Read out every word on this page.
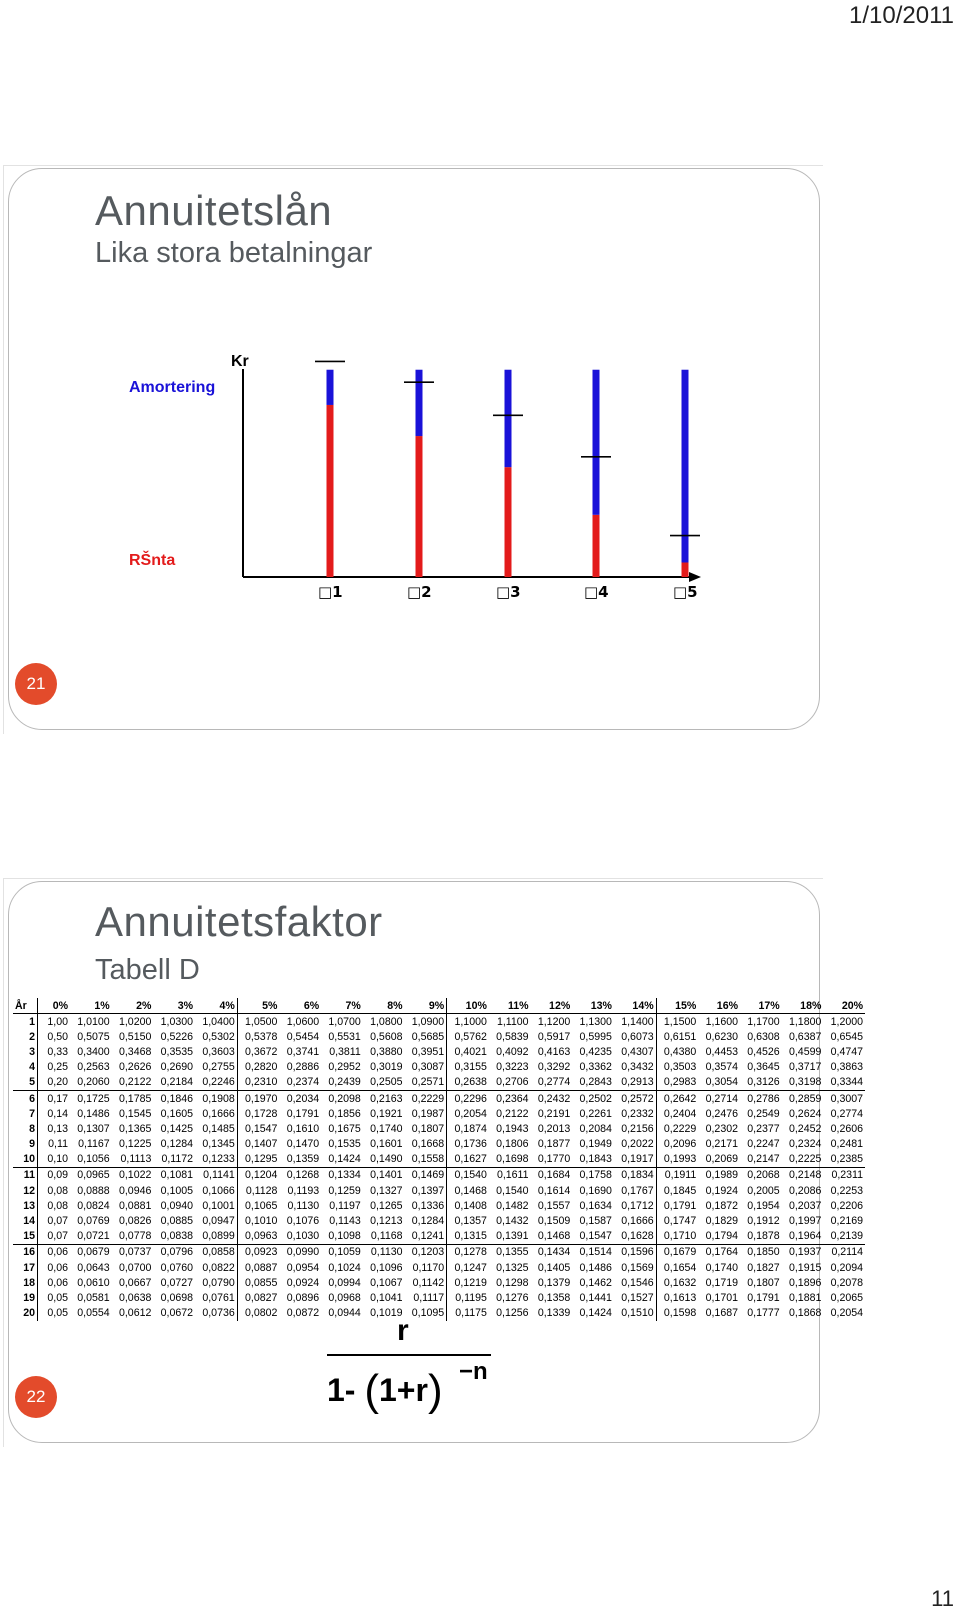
1/10/2011
Annuitetslån
Lika stora betalningar
Kr
Amortering
RŠnta
□1	□2	□3	□4	□5
21
Annuitetsfaktor
Tabell D
År	0%	1%	2%	3%	4%	5%	6%	7%	8%	9%	10%	11%	12%	13%	14%	15%	16%	17%	18%	20%
1	1,00	1,0100	1,0200	1,0300	1,0400	1,0500	1,0600	1,0700	1,0800	1,0900	1,1000	1,1100	1,1200	1,1300	1,1400	1,1500	1,1600	1,1700	1,1800	1,2000
2	0,50	0,5075	0,5150	0,5226	0,5302	0,5378	0,5454	0,5531	0,5608	0,5685	0,5762	0,5839	0,5917	0,5995	0,6073	0,6151	0,6230	0,6308	0,6387	0,6545
3	0,33	0,3400	0,3468	0,3535	0,3603	0,3672	0,3741	0,3811	0,3880	0,3951	0,4021	0,4092	0,4163	0,4235	0,4307	0,4380	0,4453	0,4526	0,4599	0,4747
4	0,25	0,2563	0,2626	0,2690	0,2755	0,2820	0,2886	0,2952	0,3019	0,3087	0,3155	0,3223	0,3292	0,3362	0,3432	0,3503	0,3574	0,3645	0,3717	0,3863
5	0,20	0,2060	0,2122	0,2184	0,2246	0,2310	0,2374	0,2439	0,2505	0,2571	0,2638	0,2706	0,2774	0,2843	0,2913	0,2983	0,3054	0,3126	0,3198	0,3344
6	0,17	0,1725	0,1785	0,1846	0,1908	0,1970	0,2034	0,2098	0,2163	0,2229	0,2296	0,2364	0,2432	0,2502	0,2572	0,2642	0,2714	0,2786	0,2859	0,3007
7	0,14	0,1486	0,1545	0,1605	0,1666	0,1728	0,1791	0,1856	0,1921	0,1987	0,2054	0,2122	0,2191	0,2261	0,2332	0,2404	0,2476	0,2549	0,2624	0,2774
8	0,13	0,1307	0,1365	0,1425	0,1485	0,1547	0,1610	0,1675	0,1740	0,1807	0,1874	0,1943	0,2013	0,2084	0,2156	0,2229	0,2302	0,2377	0,2452	0,2606
9	0,11	0,1167	0,1225	0,1284	0,1345	0,1407	0,1470	0,1535	0,1601	0,1668	0,1736	0,1806	0,1877	0,1949	0,2022	0,2096	0,2171	0,2247	0,2324	0,2481
10	0,10	0,1056	0,1113	0,1172	0,1233	0,1295	0,1359	0,1424	0,1490	0,1558	0,1627	0,1698	0,1770	0,1843	0,1917	0,1993	0,2069	0,2147	0,2225	0,2385
11	0,09	0,0965	0,1022	0,1081	0,1141	0,1204	0,1268	0,1334	0,1401	0,1469	0,1540	0,1611	0,1684	0,1758	0,1834	0,1911	0,1989	0,2068	0,2148	0,2311
12	0,08	0,0888	0,0946	0,1005	0,1066	0,1128	0,1193	0,1259	0,1327	0,1397	0,1468	0,1540	0,1614	0,1690	0,1767	0,1845	0,1924	0,2005	0,2086	0,2253
13	0,08	0,0824	0,0881	0,0940	0,1001	0,1065	0,1130	0,1197	0,1265	0,1336	0,1408	0,1482	0,1557	0,1634	0,1712	0,1791	0,1872	0,1954	0,2037	0,2206
14	0,07	0,0769	0,0826	0,0885	0,0947	0,1010	0,1076	0,1143	0,1213	0,1284	0,1357	0,1432	0,1509	0,1587	0,1666	0,1747	0,1829	0,1912	0,1997	0,2169
15	0,07	0,0721	0,0778	0,0838	0,0899	0,0963	0,1030	0,1098	0,1168	0,1241	0,1315	0,1391	0,1468	0,1547	0,1628	0,1710	0,1794	0,1878	0,1964	0,2139
16	0,06	0,0679	0,0737	0,0796	0,0858	0,0923	0,0990	0,1059	0,1130	0,1203	0,1278	0,1355	0,1434	0,1514	0,1596	0,1679	0,1764	0,1850	0,1937	0,2114
17	0,06	0,0643	0,0700	0,0760	0,0822	0,0887	0,0954	0,1024	0,1096	0,1170	0,1247	0,1325	0,1405	0,1486	0,1569	0,1654	0,1740	0,1827	0,1915	0,2094
18	0,06	0,0610	0,0667	0,0727	0,0790	0,0855	0,0924	0,0994	0,1067	0,1142	0,1219	0,1298	0,1379	0,1462	0,1546	0,1632	0,1719	0,1807	0,1896	0,2078
19	0,05	0,0581	0,0638	0,0698	0,0761	0,0827	0,0896	0,0968	0,1041	0,1117	0,1195	0,1276	0,1358	0,1441	0,1527	0,1613	0,1701	0,1791	0,1881	0,2065
20	0,05	0,0554	0,0612	0,0672	0,0736	0,0802	0,0872	0,0944	0,1019	0,1095	0,1175	0,1256	0,1339	0,1424	0,1510	0,1598	0,1687	0,1777	0,1868	0,2054
r
1- (1+r) −n
22
11
